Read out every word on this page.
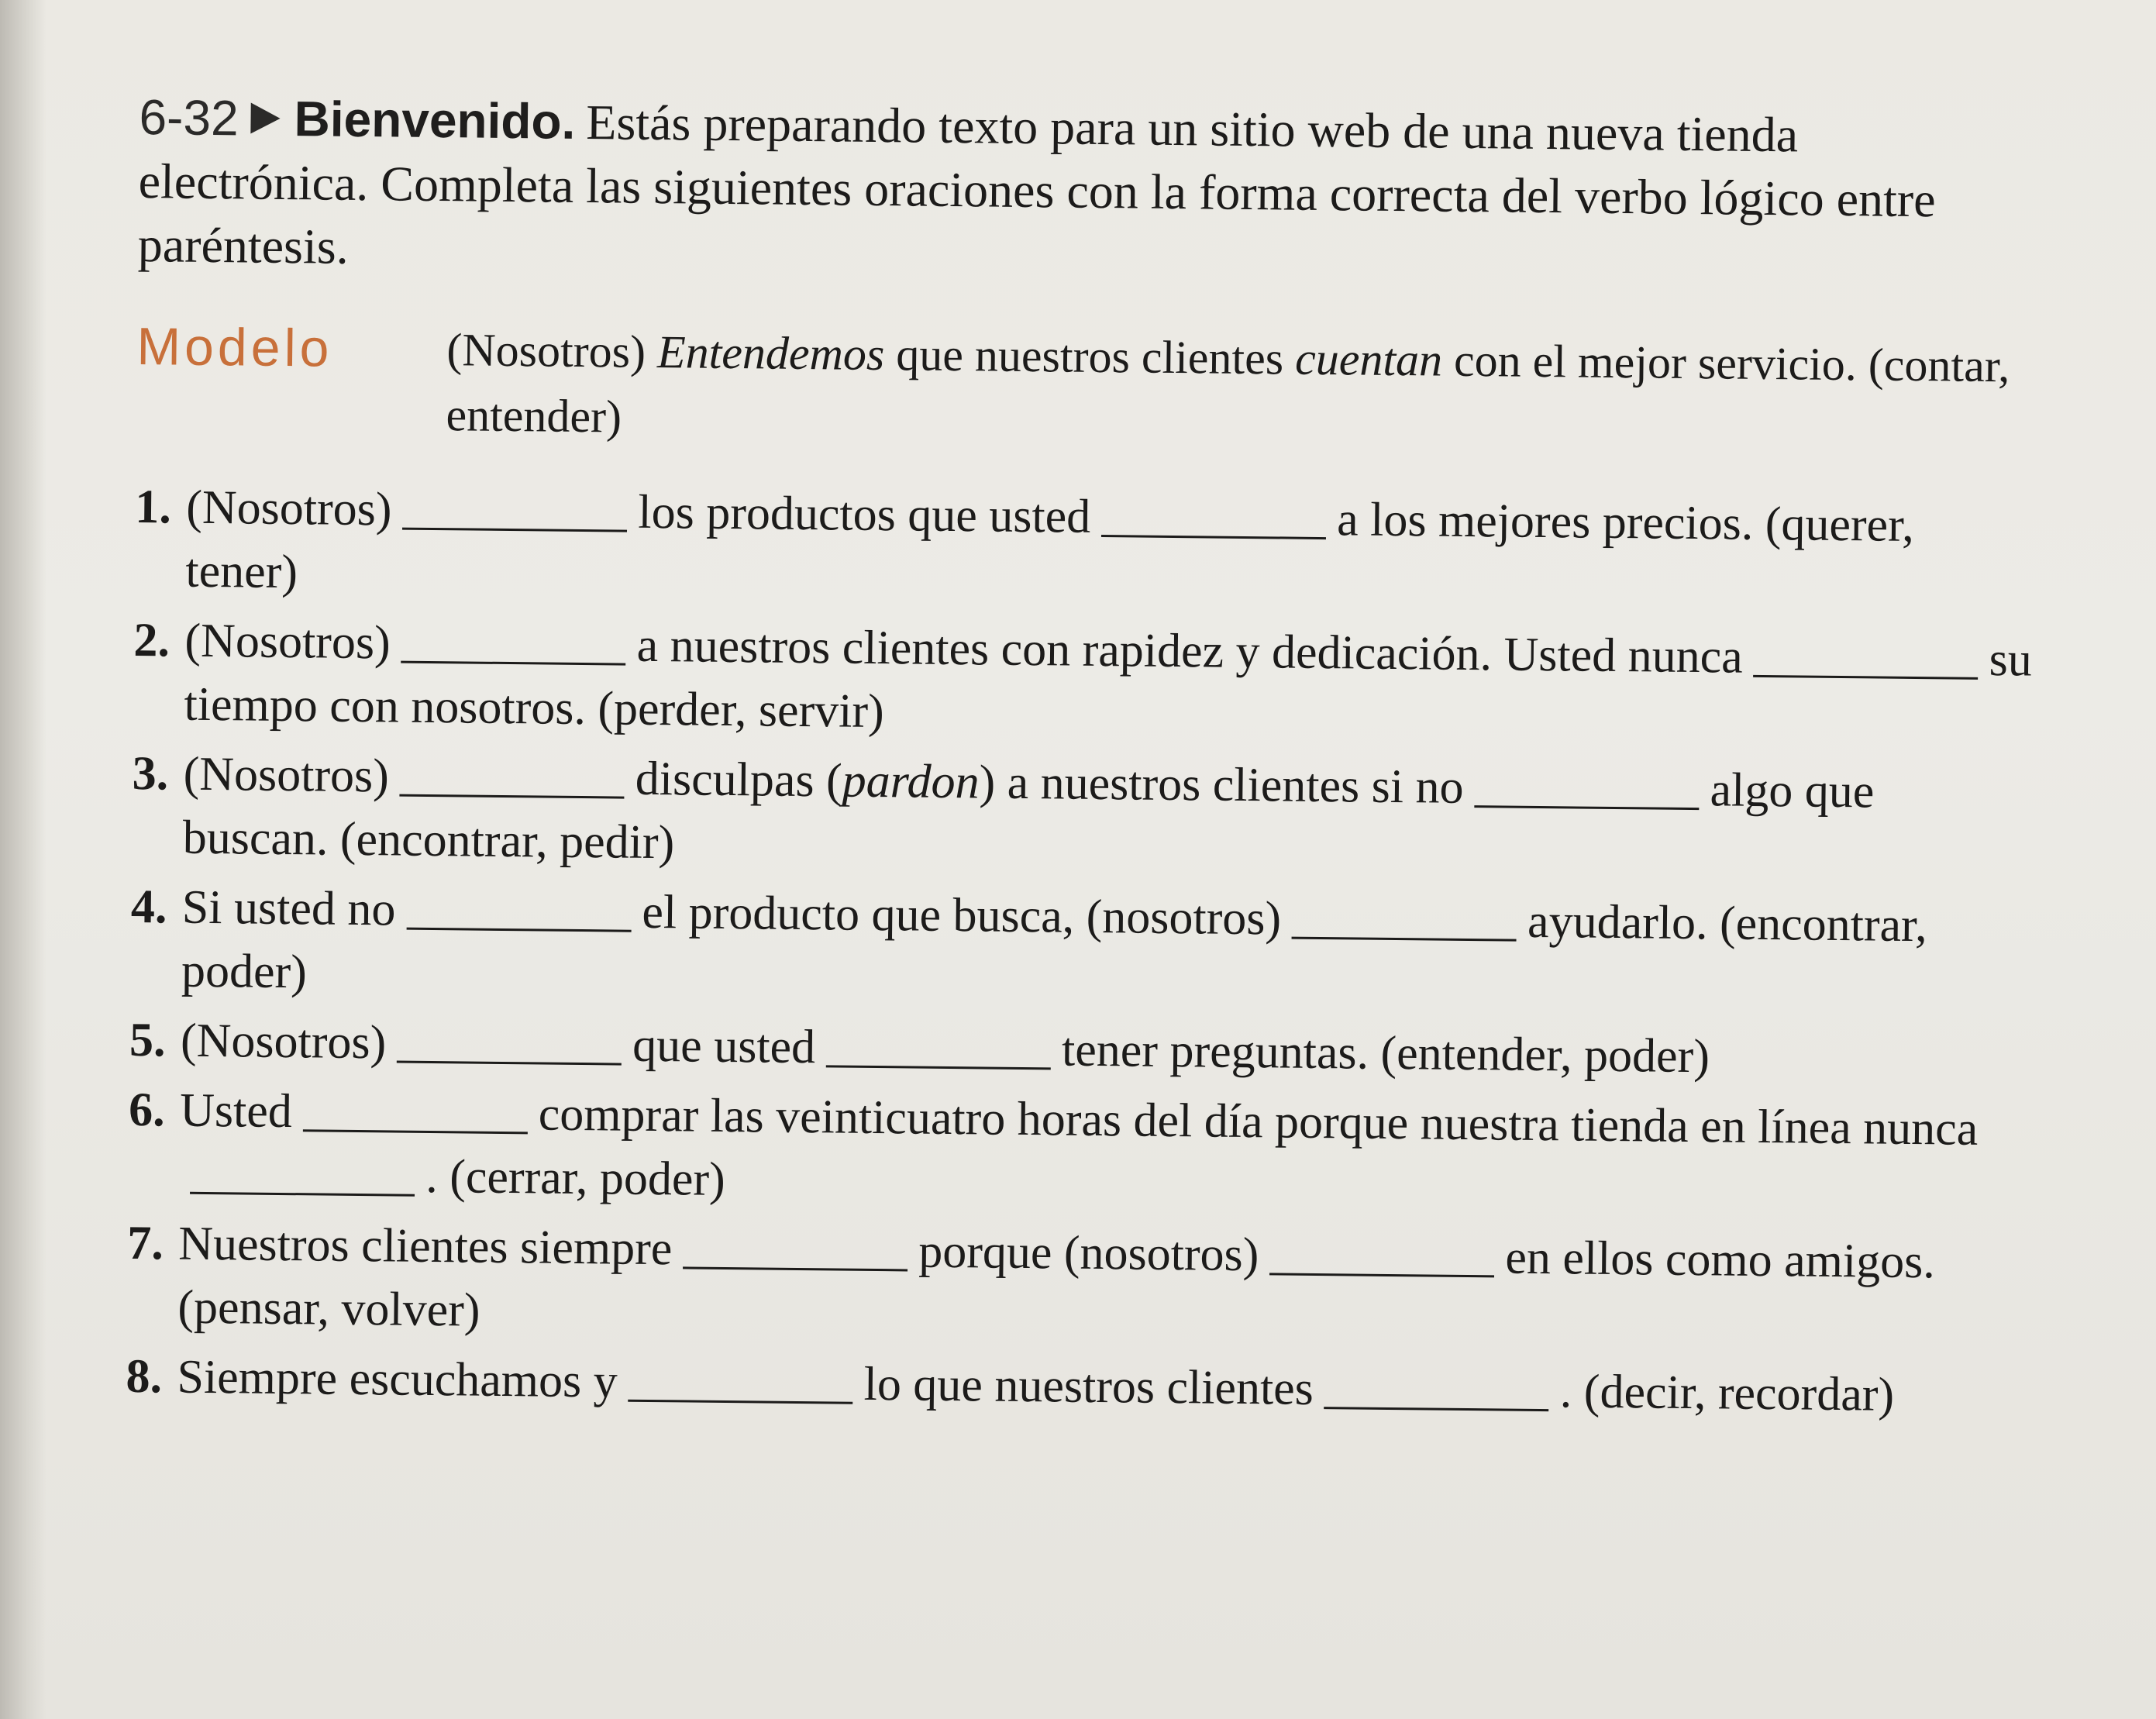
6-32 Bienvenido. Estás preparando texto para un sitio web de una nueva tienda electrónica. Completa las siguientes oraciones con la forma correcta del verbo lógico entre paréntesis.
Modelo	(Nosotros) Entendemos que nuestros clientes cuentan con el mejor servicio. (contar, entender)
1. (Nosotros)	los productos que usted	a los mejores precios. (querer, tener)
2. (Nosotros)	a nuestros clientes con rapidez y dedicación. Usted nunca	su tiempo con nosotros. (perder, servir)
3. (Nosotros)	disculpas (pardon) a nuestros clientes si no	algo que buscan. (encontrar, pedir)
4. Si usted no	el producto que busca, (nosotros)	ayudarlo. (encontrar, poder)
5. (Nosotros)	que usted	tener preguntas. (entender, poder)
6. Usted	comprar las veinticuatro horas del día porque nuestra tienda en línea nunca. (cerrar, poder)
7. Nuestros clientes siempre	porque (nosotros)	en ellos como amigos. (pensar, volver)
8. Siempre escuchamos y	lo que nuestros clientes	. (decir, recordar)
